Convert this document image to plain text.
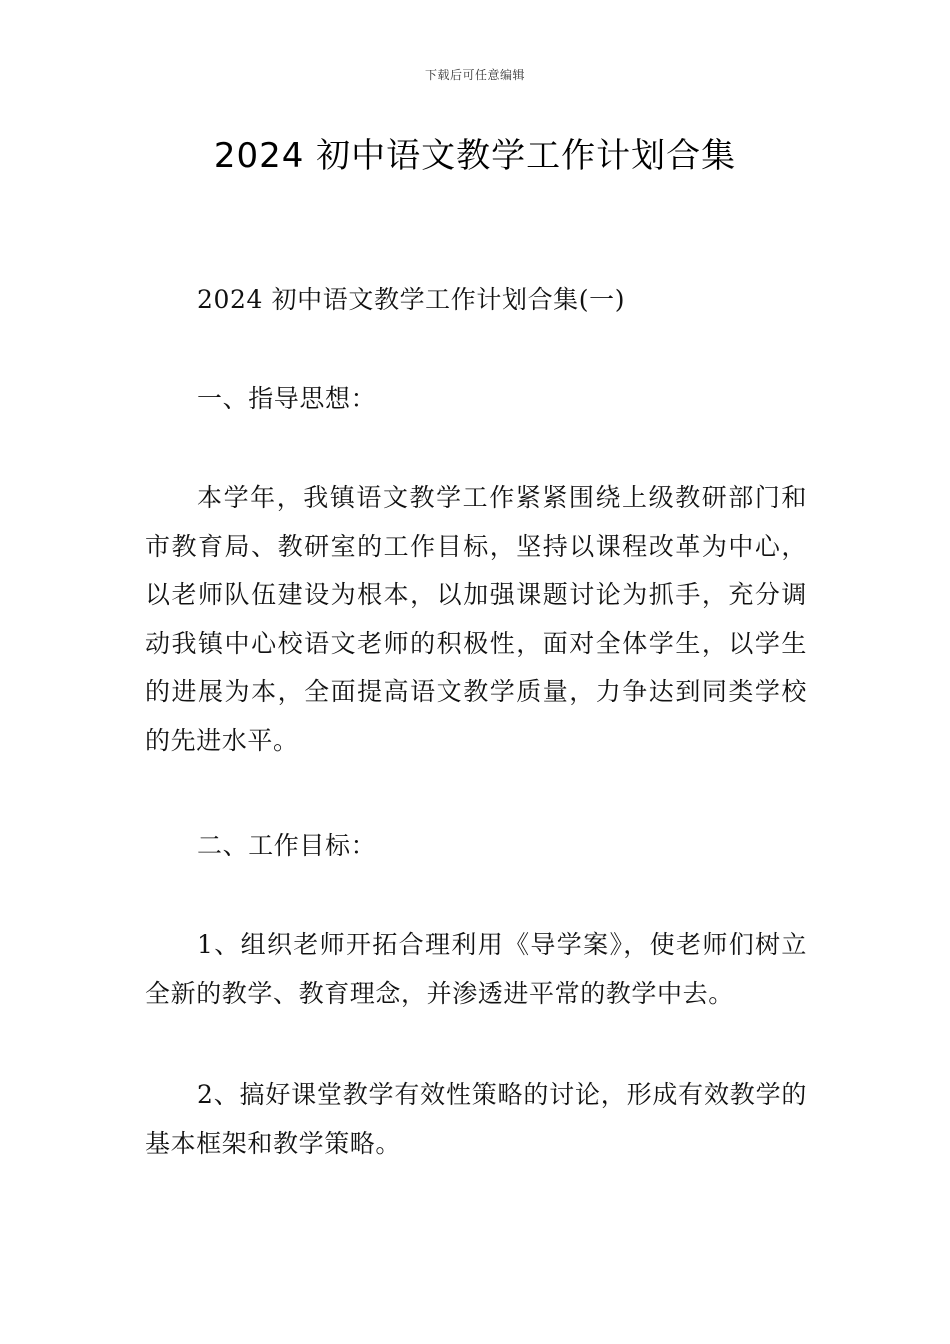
下载后可任意编辑
2024 初中语文教学工作计划合集

2024 初中语文教学工作计划合集(一)

一、指导思想：

本学年，我镇语文教学工作紧紧围绕上级教研部门和市教育局、教研室的工作目标，坚持以课程改革为中心，以老师队伍建设为根本，以加强课题讨论为抓手，充分调动我镇中心校语文老师的积极性，面对全体学生，以学生的进展为本，全面提高语文教学质量，力争达到同类学校的先进水平。

二、工作目标：

1、组织老师开拓合理利用《导学案》，使老师们树立全新的教学、教育理念，并渗透进平常的教学中去。

2、搞好课堂教学有效性策略的讨论，形成有效教学的基本框架和教学策略。
